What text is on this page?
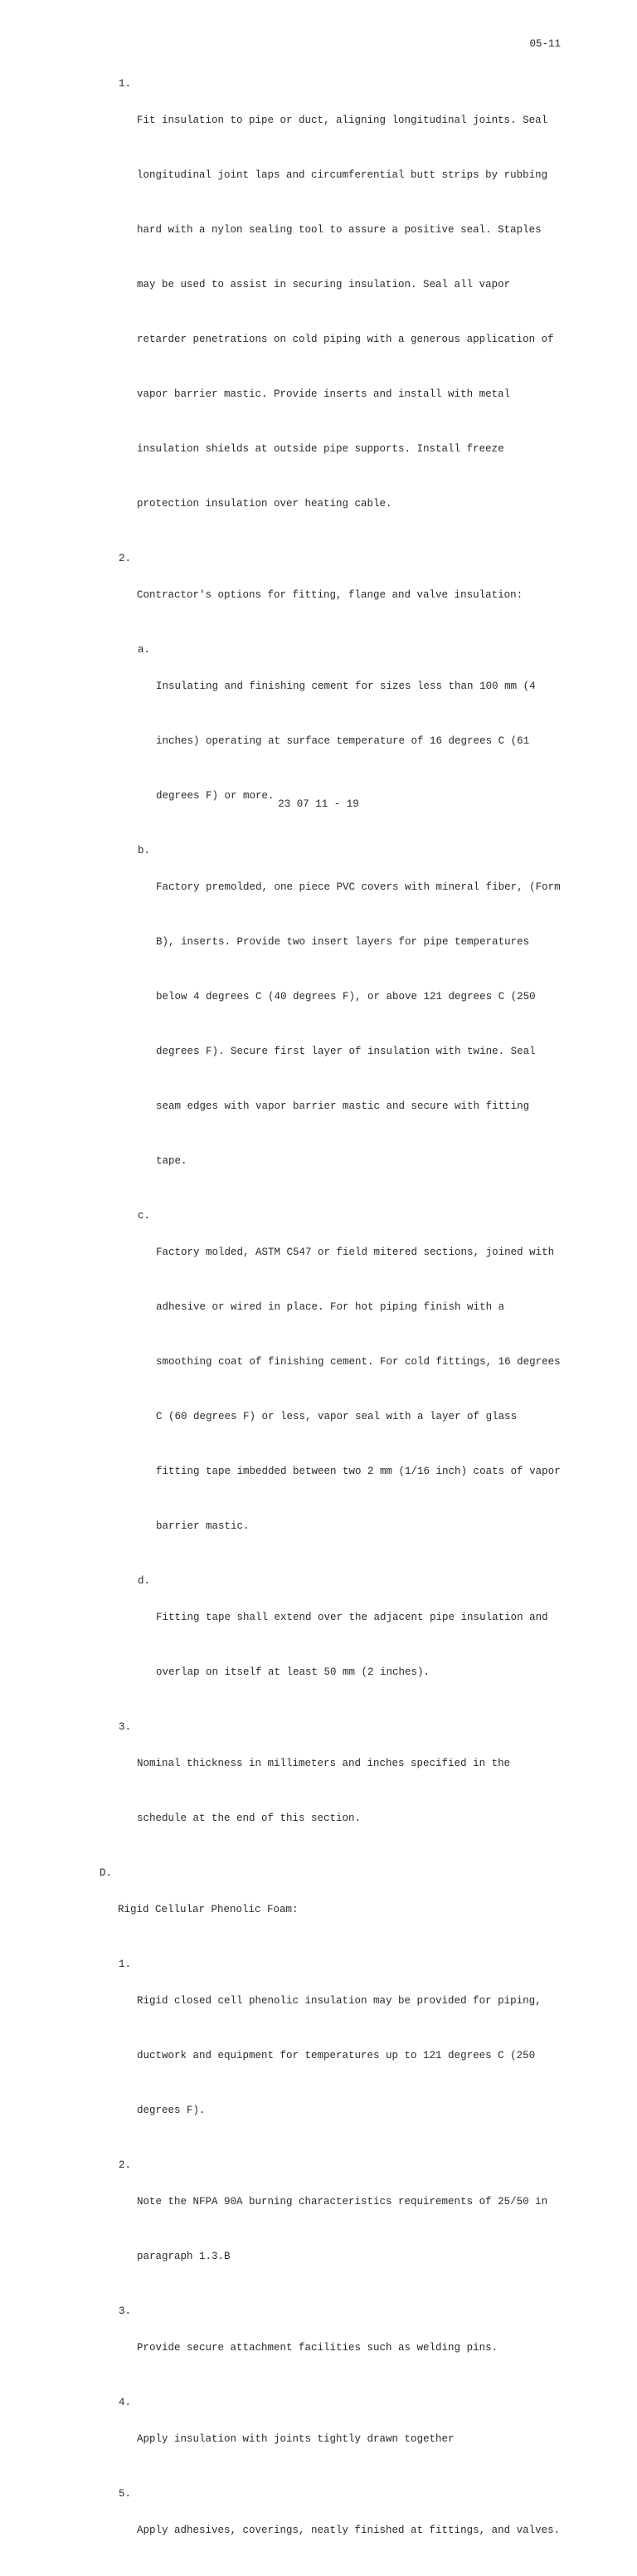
05-11
1.

Fit insulation to pipe or duct, aligning longitudinal joints. Seal

longitudinal joint laps and circumferential butt strips by rubbing

hard with a nylon sealing tool to assure a positive seal. Staples

may be used to assist in securing insulation. Seal all vapor

retarder penetrations on cold piping with a generous application of

vapor barrier mastic. Provide inserts and install with metal

insulation shields at outside pipe supports. Install freeze

protection insulation over heating cable.

2.

Contractor's options for fitting, flange and valve insulation:

a.

Insulating and finishing cement for sizes less than 100 mm (4

inches) operating at surface temperature of 16 degrees C (61

degrees F) or more.

b.

Factory premolded, one piece PVC covers with mineral fiber, (Form

B), inserts. Provide two insert layers for pipe temperatures

below 4 degrees C (40 degrees F), or above 121 degrees C (250

degrees F). Secure first layer of insulation with twine. Seal

seam edges with vapor barrier mastic and secure with fitting

tape.

c.

Factory molded, ASTM C547 or field mitered sections, joined with

adhesive or wired in place. For hot piping finish with a

smoothing coat of finishing cement. For cold fittings, 16 degrees

C (60 degrees F) or less, vapor seal with a layer of glass

fitting tape imbedded between two 2 mm (1/16 inch) coats of vapor

barrier mastic.

d.

Fitting tape shall extend over the adjacent pipe insulation and

overlap on itself at least 50 mm (2 inches).

3.

Nominal thickness in millimeters and inches specified in the

schedule at the end of this section.

D.

Rigid Cellular Phenolic Foam:

1.

Rigid closed cell phenolic insulation may be provided for piping,

ductwork and equipment for temperatures up to 121 degrees C (250

degrees F).

2.

Note the NFPA 90A burning characteristics requirements of 25/50 in

paragraph 1.3.B

3.

Provide secure attachment facilities such as welding pins.

4.

Apply insulation with joints tightly drawn together

5.

Apply adhesives, coverings, neatly finished at fittings, and valves.

23 07 11 - 19
